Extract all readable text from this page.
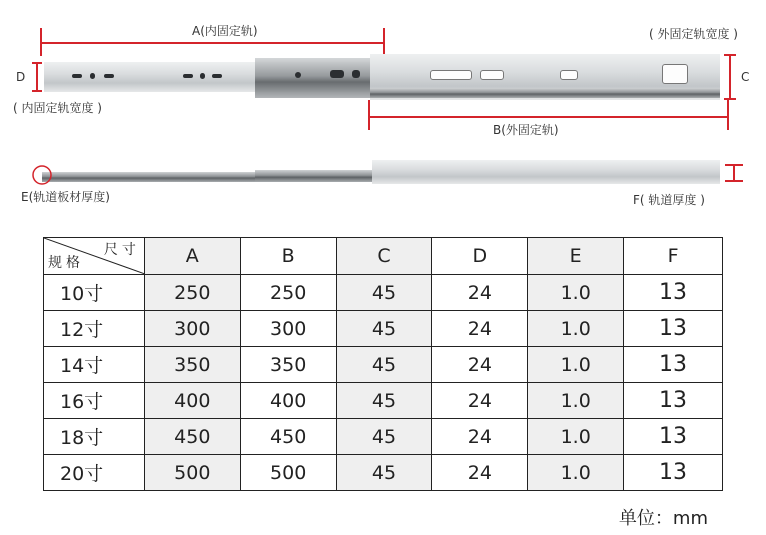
A(内固定轨)	( 外固定轨宽度 )
D
( 内固定轨宽度 )
C
B(外固定轨)
E(轨道板材厚度)	F( 轨道厚度 )
尺寸
规格	A	B	C	D	E	F
10寸	250	250	45	24	1.0	13
12寸	300	300	45	24	1.0	13
14寸	350	350	45	24	1.0	13
16寸	400	400	45	24	1.0	13
18寸	450	450	45	24	1.0	13
20寸	500	500	45	24	1.0	13
单位：mm
